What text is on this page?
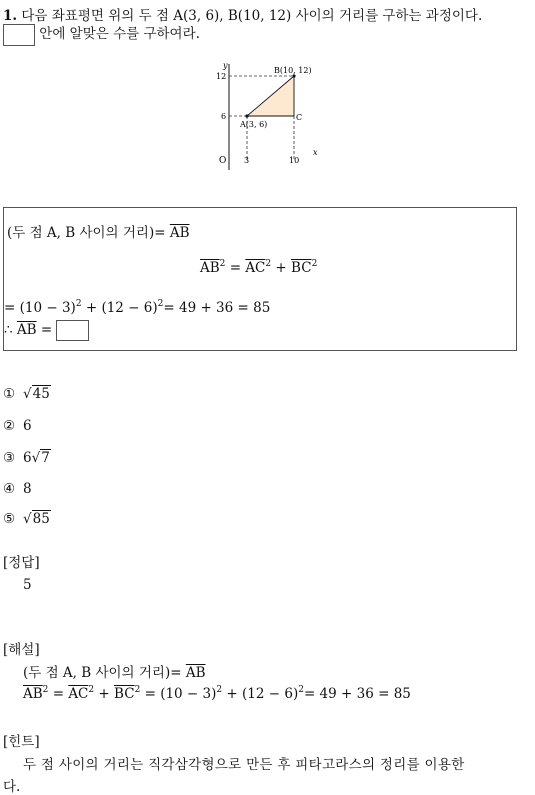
1. 다음 좌표평면 위의 두 점 A(3, 6), B(10, 12) 사이의 거리를 구하는 과정이다.
안에 알맞은 수를 구하여라.
y
x
O
12
6
3	10
A(3, 6)
B(10, 12)
C
(두 점 A, B 사이의 거리)= $\overline{AB}$
$\overline{AB}^2 = \overline{AC}^2 + \overline{BC}^2$
= $(10 - 3)^2 + (12 - 6)^2= 49 + 36 = 85$
∴ $\overline{AB}$ =
① √45
② 6
③ 6√7
④ 8
⑤ √85
[정답]
5
[해설]
(두 점 A, B 사이의 거리)= $\overline{AB}$
$\overline{AB}^2 = \overline{AC}^2 + \overline{BC}^2 = (10 - 3)^2 + (12 - 6)^2= 49 + 36 = 85$
[힌트]
두 점 사이의 거리는 직각삼각형으로 만든 후 피타고라스의 정리를 이용한
다.
